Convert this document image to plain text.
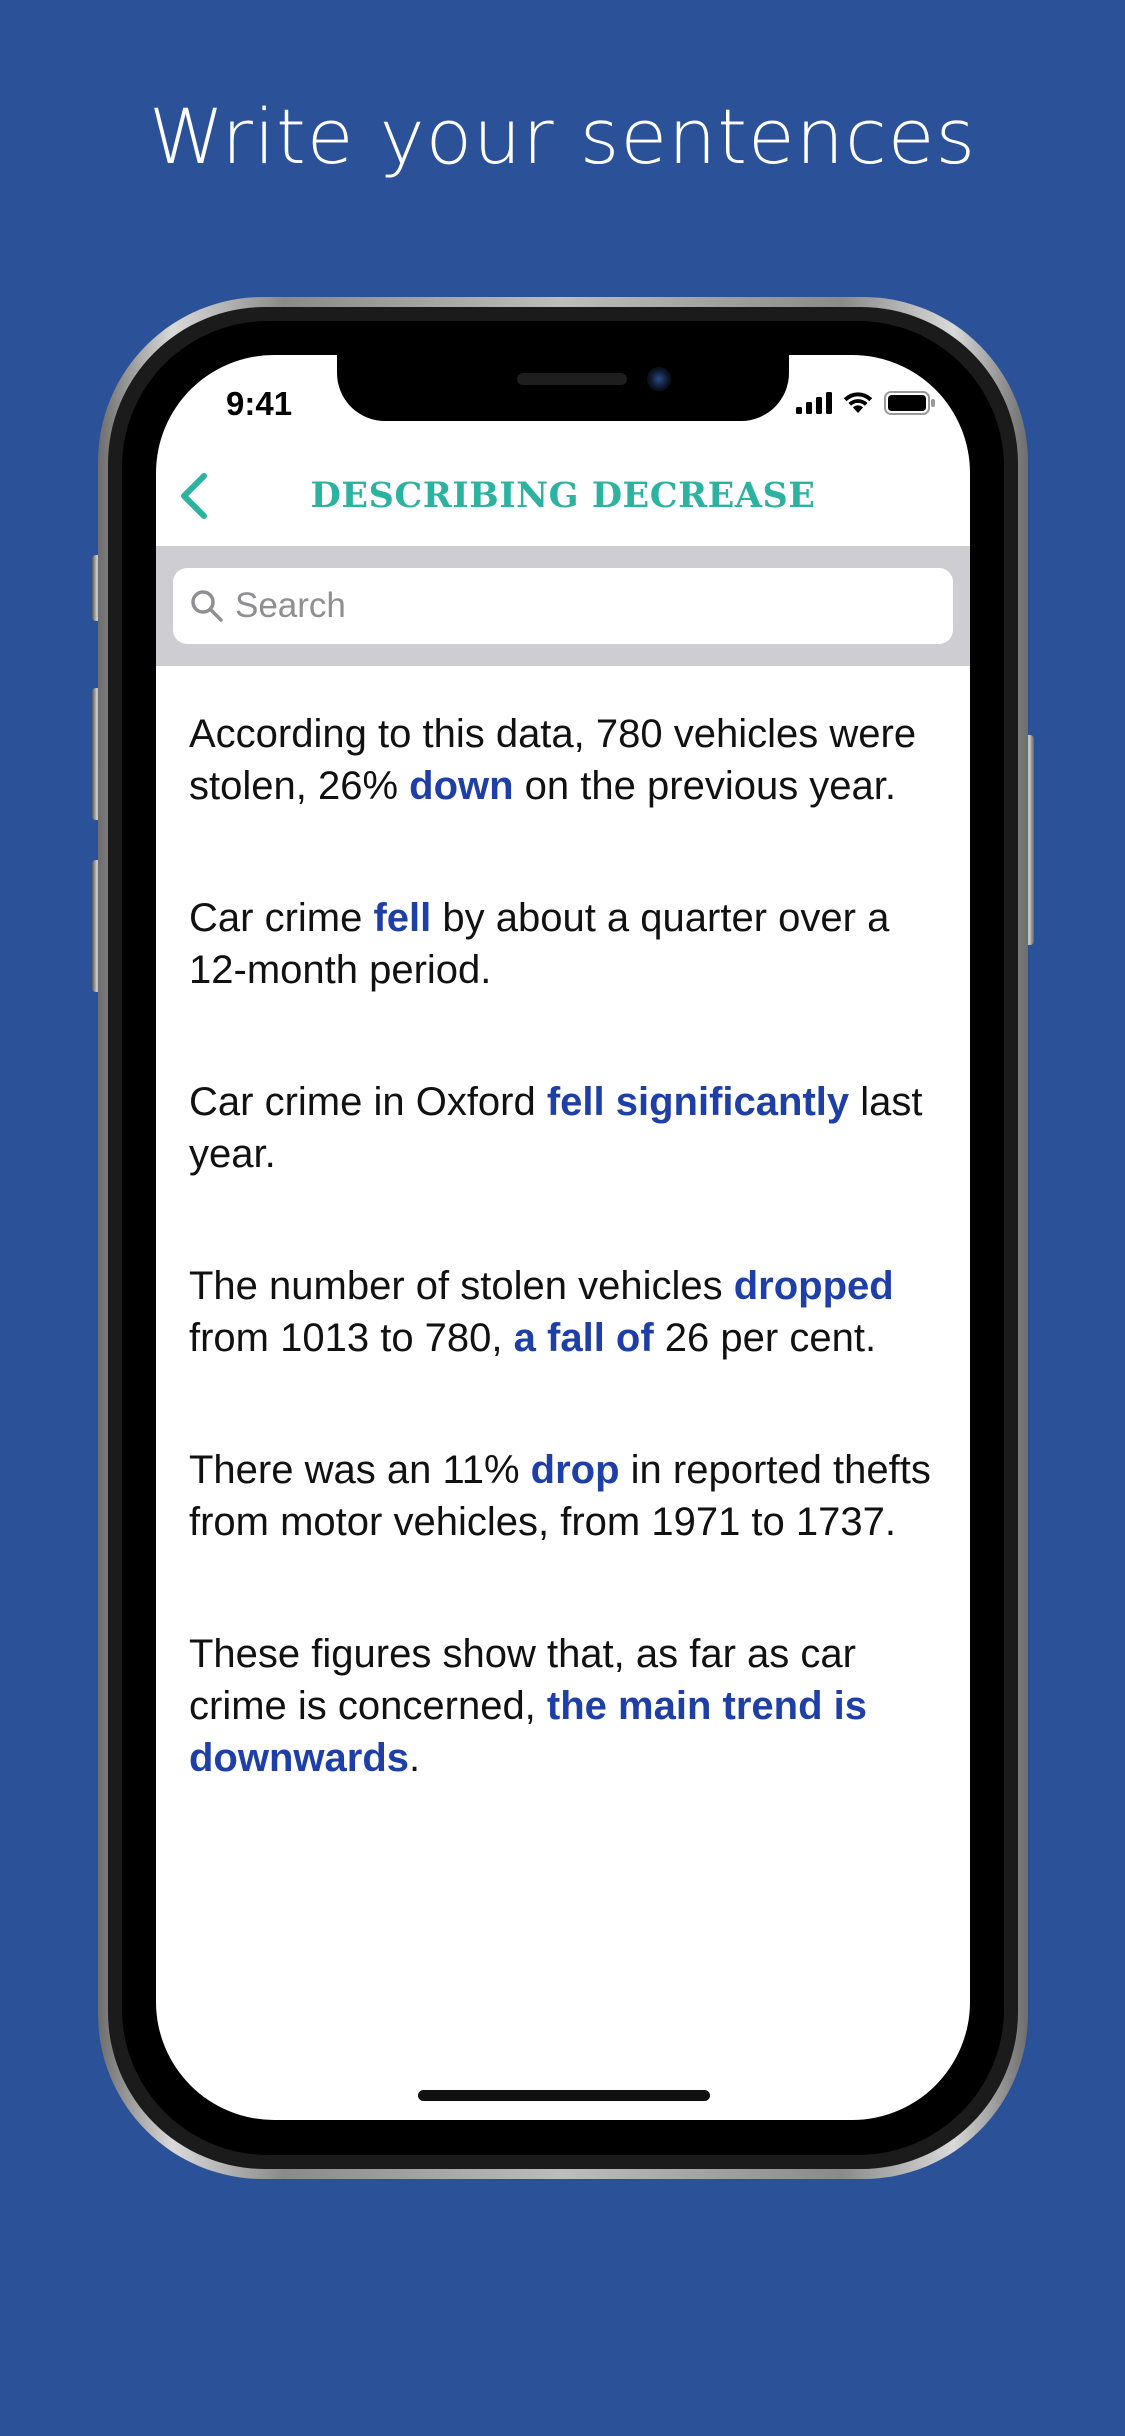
Write your sentences
9:41
DESCRIBING DECREASE
Search

According to this data, 780 vehicles were stolen, 26% down on the previous year.

Car crime fell by about a quarter over a 12-month period.

Car crime in Oxford fell significantly last year.

The number of stolen vehicles dropped from 1013 to 780, a fall of 26 per cent.

There was an 11% drop in reported thefts from motor vehicles, from 1971 to 1737.

These figures show that, as far as car crime is concerned, the main trend is downwards.
